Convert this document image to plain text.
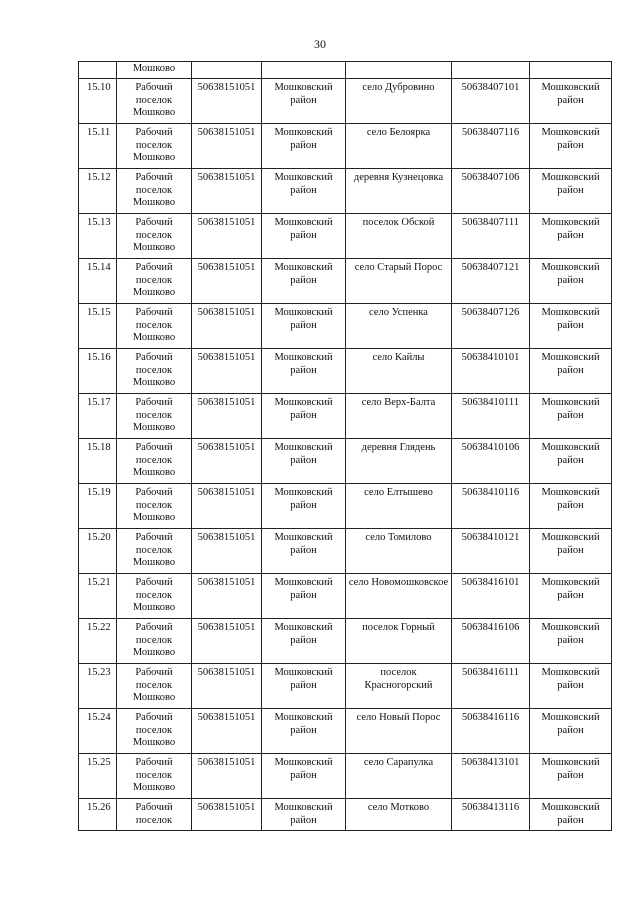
30
	Мошково					
15.10	Рабочий поселок Мошково	50638151051	Мошковский район	село Дубровино	50638407101	Мошковский район
15.11	Рабочий поселок Мошково	50638151051	Мошковский район	село Белоярка	50638407116	Мошковский район
15.12	Рабочий поселок Мошково	50638151051	Мошковский район	деревня Кузнецовка	50638407106	Мошковский район
15.13	Рабочий поселок Мошково	50638151051	Мошковский район	поселок Обской	50638407111	Мошковский район
15.14	Рабочий поселок Мошково	50638151051	Мошковский район	село Старый Порос	50638407121	Мошковский район
15.15	Рабочий поселок Мошково	50638151051	Мошковский район	село Успенка	50638407126	Мошковский район
15.16	Рабочий поселок Мошково	50638151051	Мошковский район	село Кайлы	50638410101	Мошковский район
15.17	Рабочий поселок Мошково	50638151051	Мошковский район	село Верх-Балта	50638410111	Мошковский район
15.18	Рабочий поселок Мошково	50638151051	Мошковский район	деревня Глядень	50638410106	Мошковский район
15.19	Рабочий поселок Мошково	50638151051	Мошковский район	село Елтышево	50638410116	Мошковский район
15.20	Рабочий поселок Мошково	50638151051	Мошковский район	село Томилово	50638410121	Мошковский район
15.21	Рабочий поселок Мошково	50638151051	Мошковский район	село Новомошковское	50638416101	Мошковский район
15.22	Рабочий поселок Мошково	50638151051	Мошковский район	поселок Горный	50638416106	Мошковский район
15.23	Рабочий поселок Мошково	50638151051	Мошковский район	поселок Красногорский	50638416111	Мошковский район
15.24	Рабочий поселок Мошково	50638151051	Мошковский район	село Новый Порос	50638416116	Мошковский район
15.25	Рабочий поселок Мошково	50638151051	Мошковский район	село Сарапулка	50638413101	Мошковский район
15.26	Рабочий поселок	50638151051	Мошковский район	село Мотково	50638413116	Мошковский район
